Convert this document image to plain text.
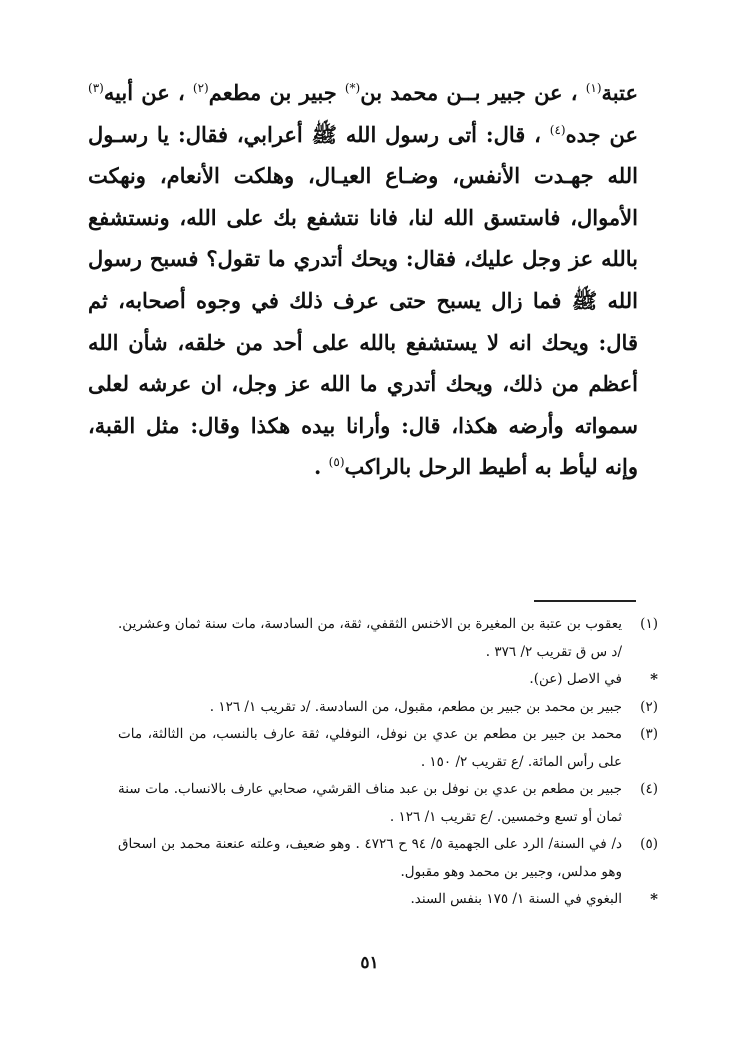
عتبة$^{(١)}$ ، عن جبير بــن محمد بن(*) جبير بن مطعم$^{(٢)}$ ، عن أبيه$^{(٣)}$ عن جده$^{(٤)}$ ، قال: أتى رسول الله ﷺ أعرابي، فقال: يا رسـول الله جهـدت الأنفس، وضـاع العيـال، وهلكت الأنعام، ونهكت الأموال، فاستسق الله لنا، فانا نتشفع بك على الله، ونستشفع بالله عز وجل عليك، فقال: ويحك أتدري ما تقول؟ فسبح رسول الله ﷺ فما زال يسبح حتى عرف ذلك في وجوه أصحابه، ثم قال: ويحك انه لا يستشفع بالله على أحد من خلقه، شأن الله أعظم من ذلك، ويحك أتدري ما الله عز وجل، ان عرشه لعلى سمواته وأرضه هكذا، قال: وأرانا بيده هكذا وقال: مثل القبة، وإنه ليأط به أطيط الرحل بالراكب$^{(٥)}$ .

(١)
يعقوب بن عتبة بن المغيرة بن الاخنس الثقفي، ثقة، من السادسة، مات سنة ثمان وعشرين. /د س ق تقريب ٢/ ٣٧٦ .
*
في الاصل (عن).
(٢)
جبير بن محمد بن جبير بن مطعم، مقبول، من السادسة. /د تقريب ١/ ١٢٦ .
(٣)
محمد بن جبير بن مطعم بن عدي بن نوفل، النوفلي، ثقة عارف بالنسب، من الثالثة، مات على رأس المائة. /ع تقريب ٢/ ١٥٠ .
(٤)
جبير بن مطعم بن عدي بن نوفل بن عبد مناف القرشي، صحابي عارف بالانساب. مات سنة ثمان أو تسع وخمسين. /ع تقريب ١/ ١٢٦ .
(٥)
د/ في السنة/ الرد على الجهمية ٥/ ٩٤ ح ٤٧٢٦ . وهو ضعيف، وعلته عنعنة محمد بن اسحاق وهو مدلس، وجبير بن محمد وهو مقبول.
*
البغوي في السنة ١/ ١٧٥ بنفس السند.
٥١
